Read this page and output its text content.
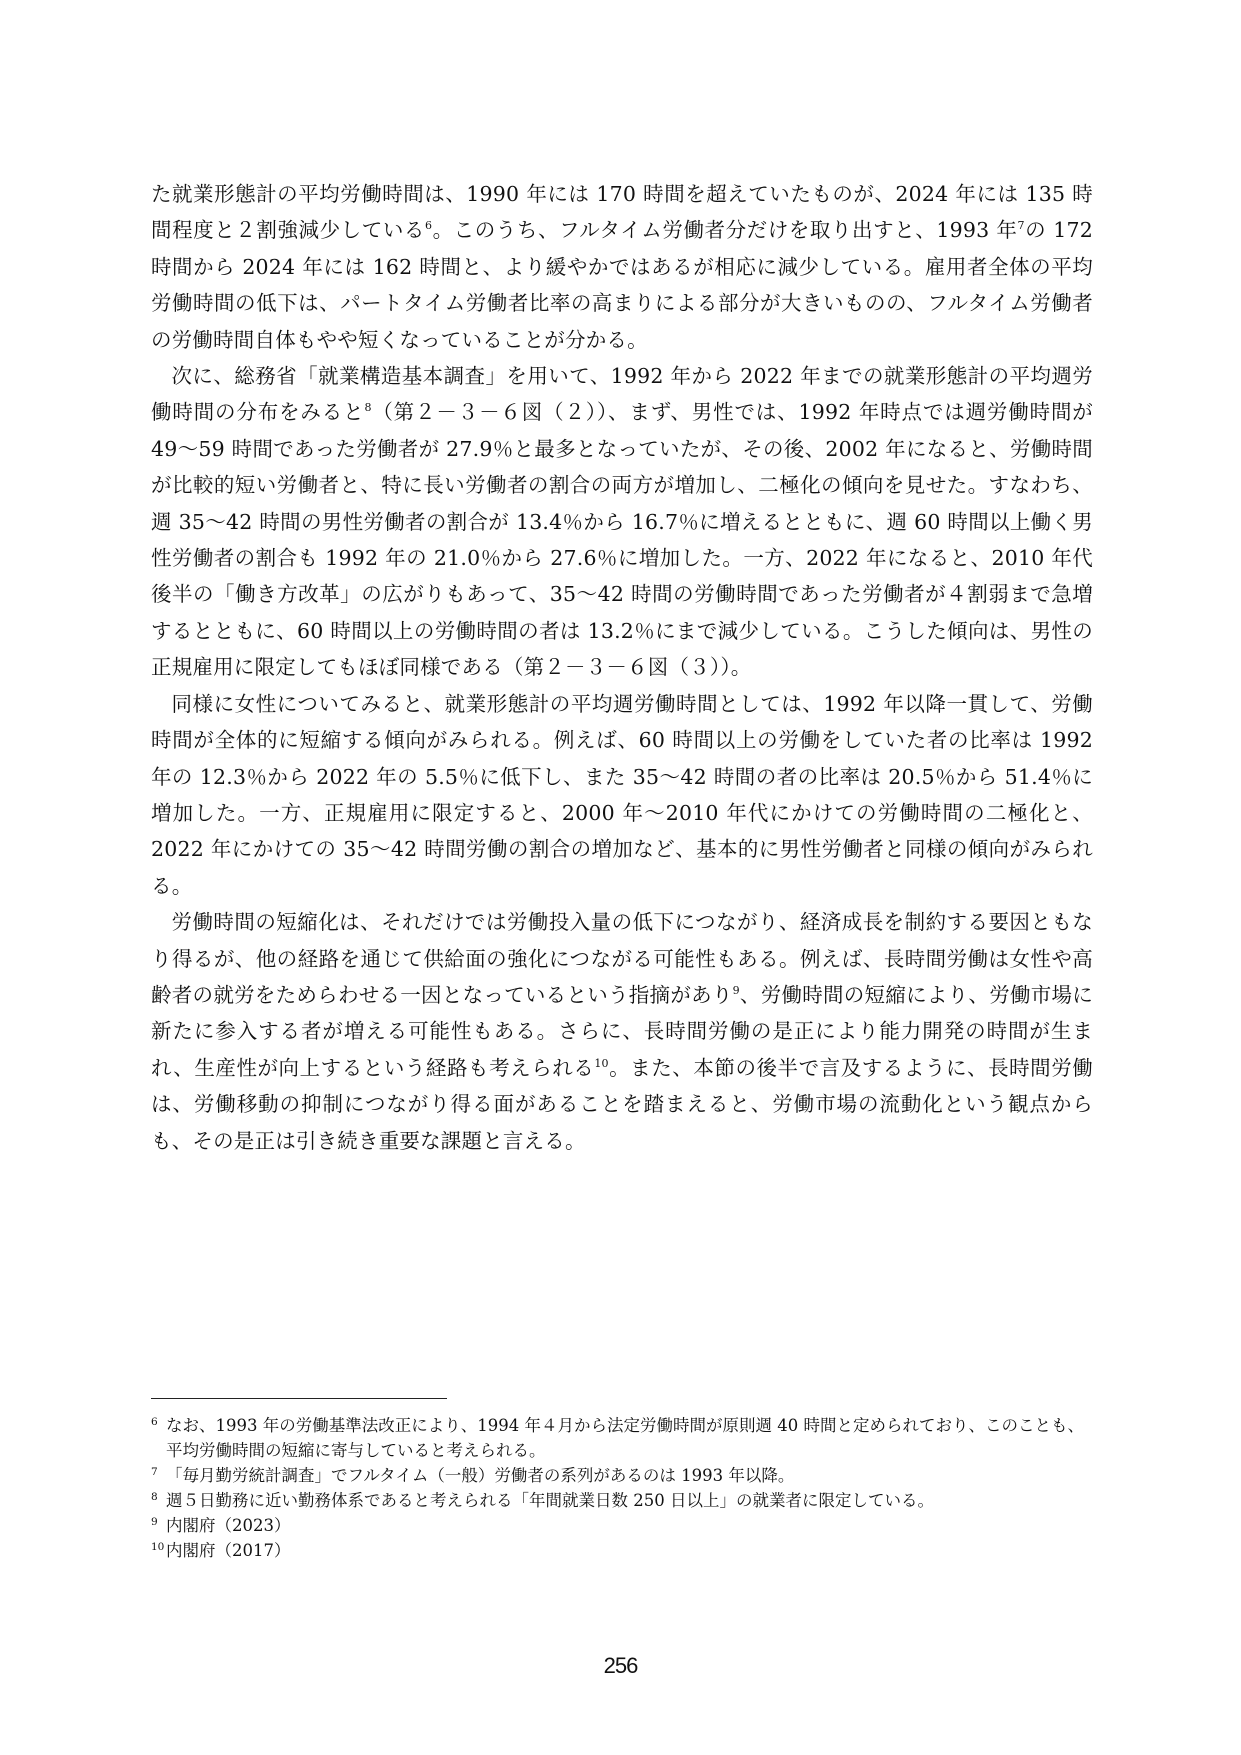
た就業形態計の平均労働時間は、1990 年には 170 時間を超えていたものが、2024 年には 135 時間程度と２割強減少している$^6$。このうち、フルタイム労働者分だけを取り出すと、1993 年$^7$の 172 時間から 2024 年には 162 時間と、より緩やかではあるが相応に減少している。雇用者全体の平均労働時間の低下は、パートタイム労働者比率の高まりによる部分が大きいものの、フルタイム労働者の労働時間自体もやや短くなっていることが分かる。

次に、総務省「就業構造基本調査」を用いて、1992 年から 2022 年までの就業形態計の平均週労働時間の分布をみると$^8$（第２－３－６図（２））、まず、男性では、1992 年時点では週労働時間が 49～59 時間であった労働者が 27.9％と最多となっていたが、その後、2002 年になると、労働時間が比較的短い労働者と、特に長い労働者の割合の両方が増加し、二極化の傾向を見せた。すなわち、週 35～42 時間の男性労働者の割合が 13.4％から 16.7％に増えるとともに、週 60 時間以上働く男性労働者の割合も 1992 年の 21.0％から 27.6％に増加した。一方、2022 年になると、2010 年代後半の「働き方改革」の広がりもあって、35～42 時間の労働時間であった労働者が４割弱まで急増するとともに、60 時間以上の労働時間の者は 13.2％にまで減少している。こうした傾向は、男性の正規雇用に限定してもほぼ同様である（第２－３－６図（３））。

同様に女性についてみると、就業形態計の平均週労働時間としては、1992 年以降一貫して、労働時間が全体的に短縮する傾向がみられる。例えば、60 時間以上の労働をしていた者の比率は 1992 年の 12.3％から 2022 年の 5.5％に低下し、また 35～42 時間の者の比率は 20.5％から 51.4％に増加した。一方、正規雇用に限定すると、2000 年～2010 年代にかけての労働時間の二極化と、2022 年にかけての 35～42 時間労働の割合の増加など、基本的に男性労働者と同様の傾向がみられる。

労働時間の短縮化は、それだけでは労働投入量の低下につながり、経済成長を制約する要因ともなり得るが、他の経路を通じて供給面の強化につながる可能性もある。例えば、長時間労働は女性や高齢者の就労をためらわせる一因となっているという指摘があり$^9$、労働時間の短縮により、労働市場に新たに参入する者が増える可能性もある。さらに、長時間労働の是正により能力開発の時間が生まれ、生産性が向上するという経路も考えられる$^{10}$。また、本節の後半で言及するように、長時間労働は、労働移動の抑制につながり得る面があることを踏まえると、労働市場の流動化という観点からも、その是正は引き続き重要な課題と言える。

6 なお、1993 年の労働基準法改正により、1994 年４月から法定労働時間が原則週 40 時間と定められており、このことも、平均労働時間の短縮に寄与していると考えられる。

7 「毎月勤労統計調査」でフルタイム（一般）労働者の系列があるのは 1993 年以降。

8 週５日勤務に近い勤務体系であると考えられる「年間就業日数 250 日以上」の就業者に限定している。

9 内閣府（2023）

10 内閣府（2017）

256
